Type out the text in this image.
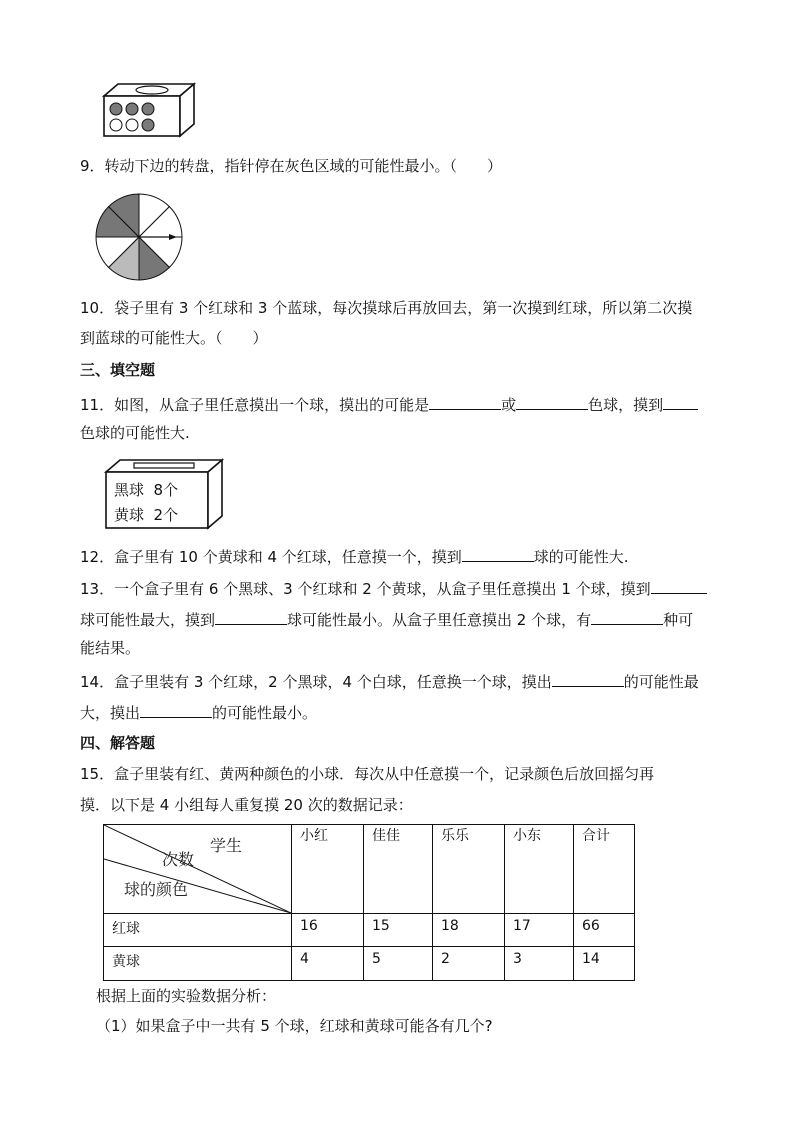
9．转动下边的转盘，指针停在灰色区域的可能性最小。（　　）
10．袋子里有 3 个红球和 3 个蓝球，每次摸球后再放回去，第一次摸到红球，所以第二次摸
到蓝球的可能性大。（　　）
三、填空题
11．如图，从盒子里任意摸出一个球，摸出的可能是	或	色球，摸到
色球的可能性大.
黑球  8个
黄球  2个
12．盒子里有 10 个黄球和 4 个红球，任意摸一个，摸到	球的可能性大.
13．一个盒子里有 6 个黑球、3 个红球和 2 个黄球，从盒子里任意摸出 1 个球，摸到
球可能性最大，摸到	球可能性最小。从盒子里任意摸出 2 个球，有	种可
能结果。
14．盒子里装有 3 个红球，2 个黑球，4 个白球，任意换一个球，摸出	的可能性最
大，摸出	的可能性最小。
四、解答题
15．盒子里装有红、黄两种颜色的小球．每次从中任意摸一个，记录颜色后放回摇匀再
摸．以下是 4 小组每人重复摸 20 次的数据记录：
学生
次数
球的颜色	小红	佳佳	乐乐	小东	合计
红球	16	15	18	17	66
黄球	4	5	2	3	14
根据上面的实验数据分析：
（1）如果盒子中一共有 5 个球，红球和黄球可能各有几个?
